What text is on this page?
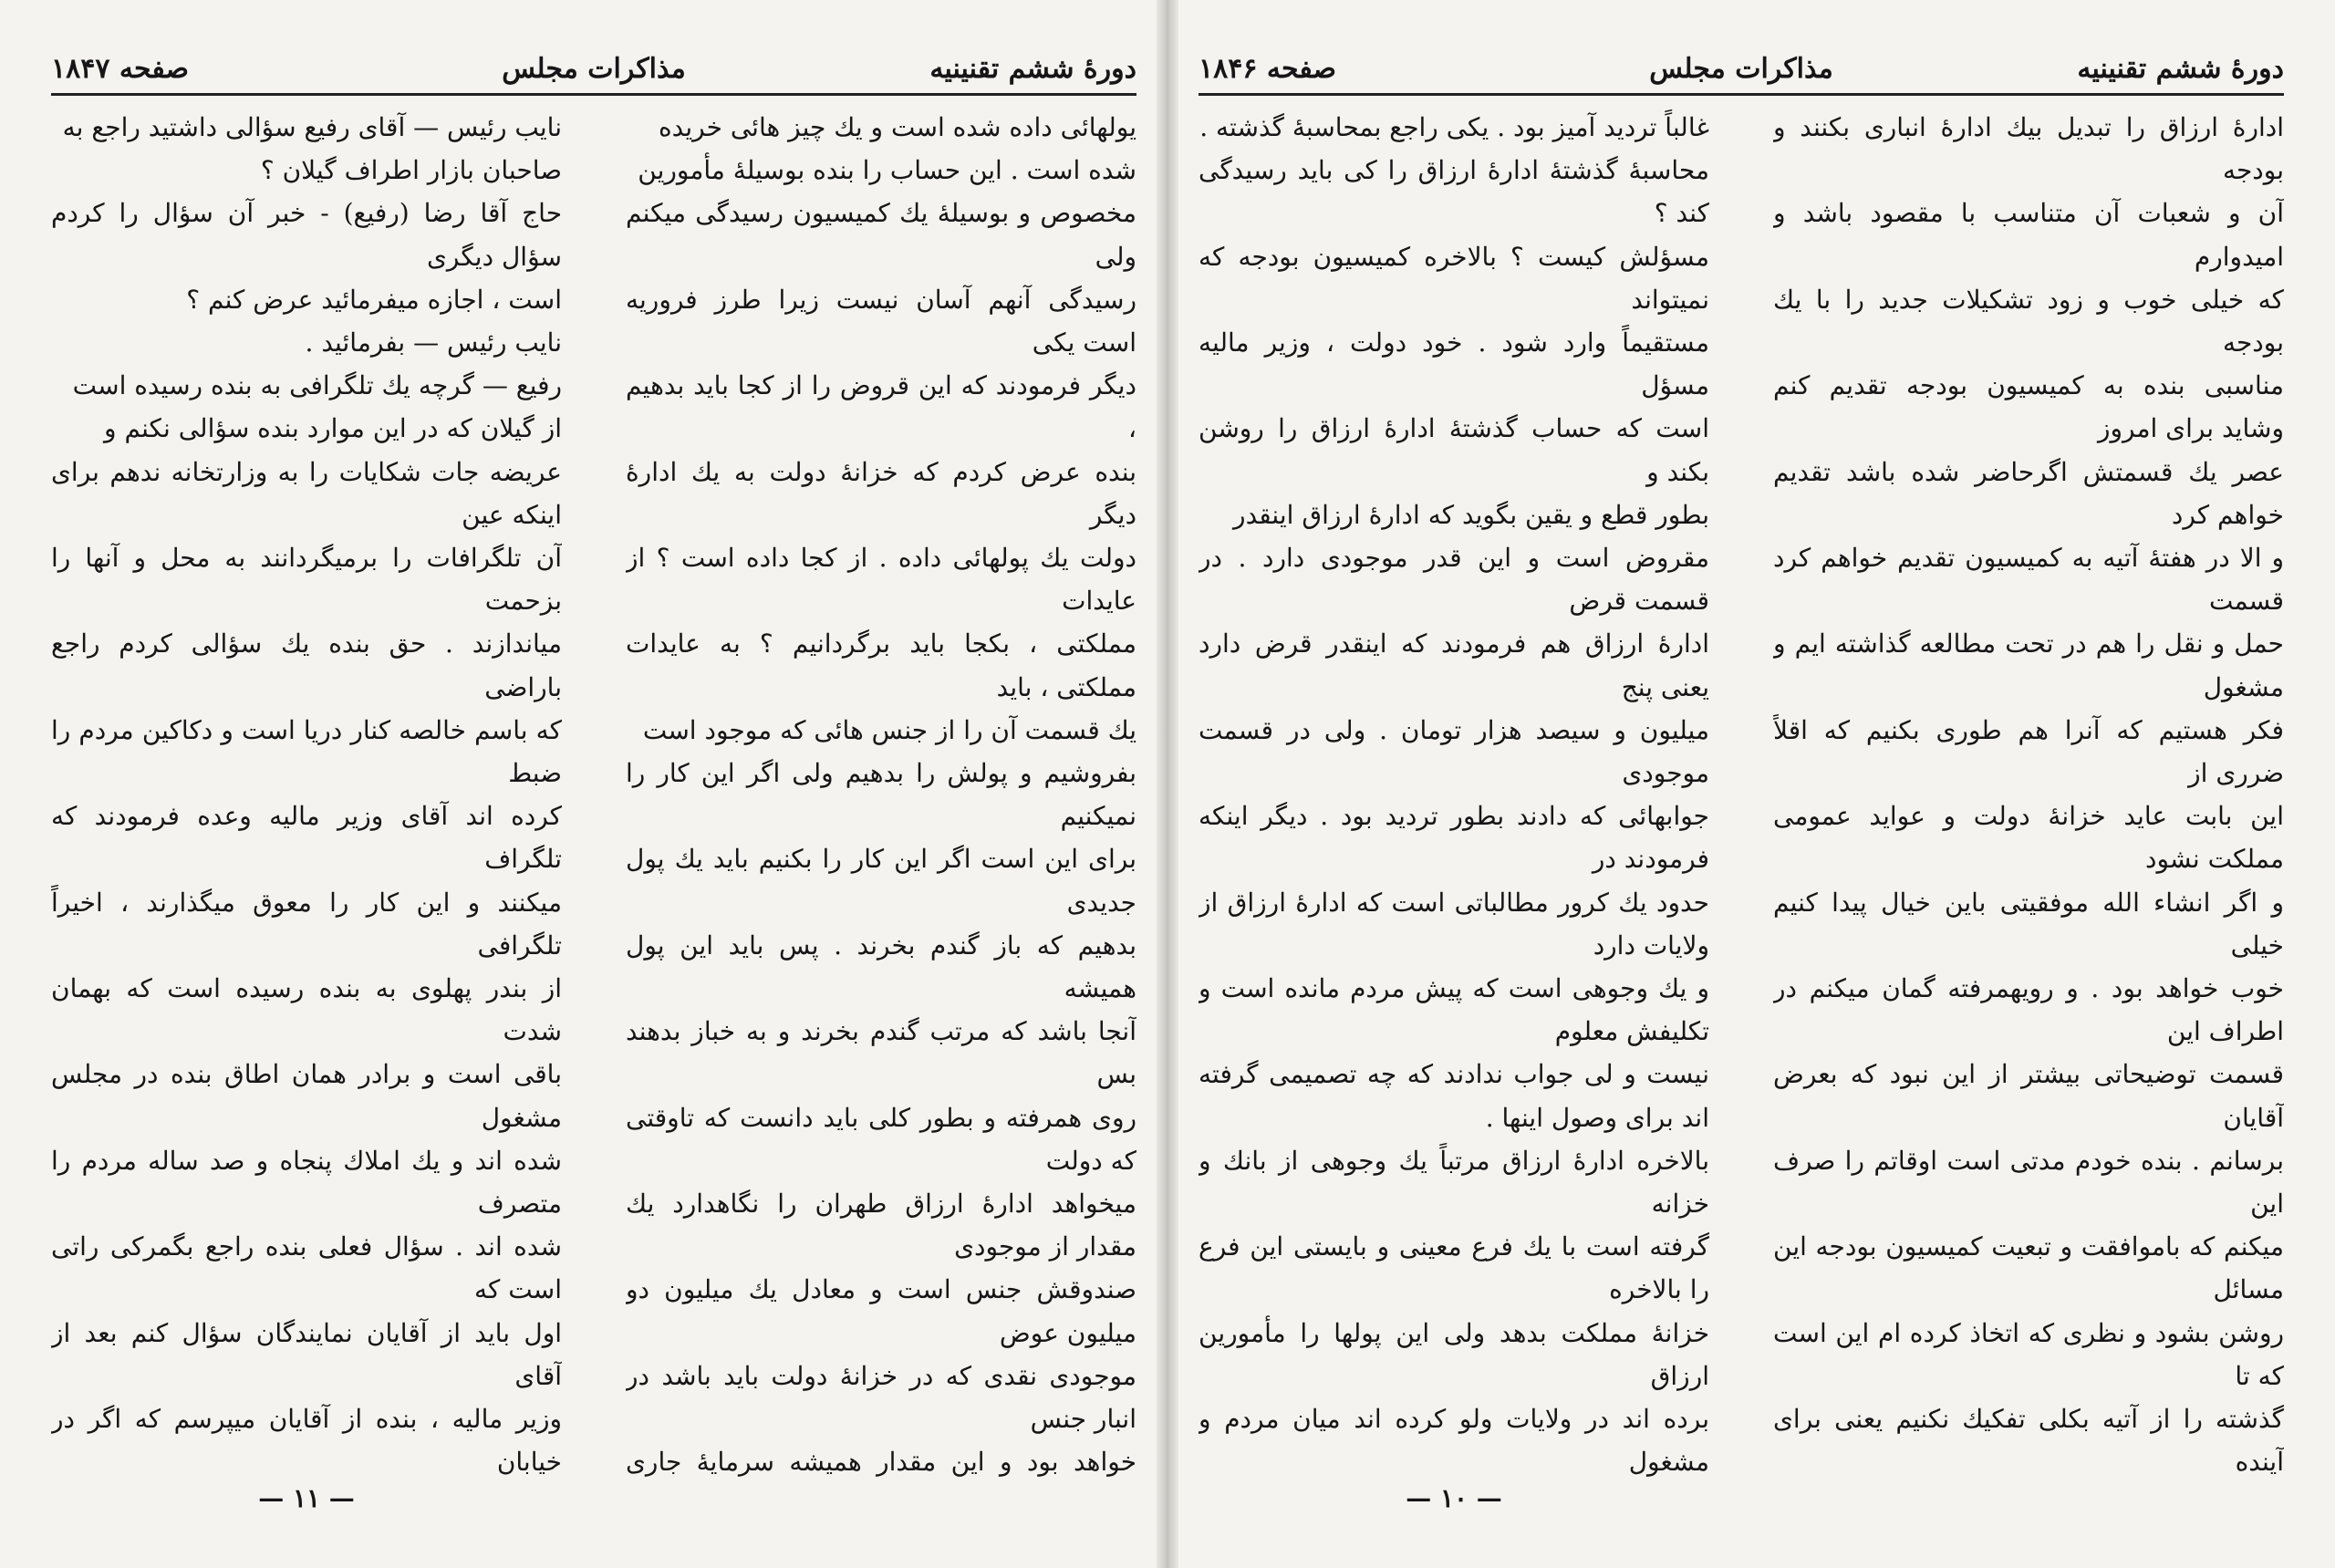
دورهٔ ششم تقنینیه
مذاکرات مجلس
صفحه ۱۸۴۷

یولهائی داده شده است و یك چیز هائی خریده

شده است . این حساب را بنده بوسیلهٔ مأمورین

مخصوص و بوسیلهٔ یك کمیسیون رسیدگی میکنم ولی

رسیدگی آنهم آسان نیست زیرا طرز فروریه است یکی

دیگر فرمودند که این قروض را از کجا باید بدهیم ،

بنده عرض کردم که خزانهٔ دولت به یك ادارهٔ دیگر

دولت یك پولهائی داده . از کجا داده است ؟ از عایدات

مملکتی ، بکجا باید برگردانیم ؟ به عایدات مملکتی ، باید

یك قسمت آن را از جنس هائی که موجود است

بفروشیم و پولش را بدهیم ولی اگر این کار را نمیکنیم

برای این است اگر این کار را بکنیم باید یك پول جدیدی

بدهیم که باز گندم بخرند . پس باید این پول همیشه

آنجا باشد که مرتب گندم بخرند و به خباز بدهند بس

روی همرفته و بطور کلی باید دانست که تاوقتی که دولت

میخواهد ادارهٔ ارزاق طهران را نگاهدارد یك مقدار از موجودی

صندوقش جنس است و معادل یك میلیون دو میلیون عوض

موجودی نقدی که در خزانهٔ دولت باید باشد در انبار جنس

خواهد بود و این مقدار همیشه سرمایهٔ جاری

نایب رئیس — آقای رفیع سؤالی داشتید راجع به

صاحبان بازار اطراف گیلان ؟

حاج آقا رضا (رفیع) - خبر آن سؤال را کردم سؤال دیگری

است ، اجازه میفرمائید عرض کنم ؟

نایب رئیس — بفرمائید .

رفیع — گرچه یك تلگرافی به بنده رسیده است

از گیلان که در این موارد بنده سؤالی نکنم و

عریضه جات شکایات را به وزارتخانه ندهم برای اینکه عین

آن تلگرافات را برمیگردانند به محل و آنها را بزحمت

میاندازند . حق بنده یك سؤالی کردم راجع باراضی

که باسم خالصه کنار دریا است و دکاکین مردم را ضبط

کرده اند آقای وزیر مالیه وعده فرمودند که تلگراف

میکنند و این کار را معوق میگذارند ، اخیراً تلگرافی

از بندر پهلوی به بنده رسیده است که بهمان شدت

باقی است و برادر همان اطاق بنده در مجلس مشغول

شده اند و یك املاك پنجاه و صد ساله مردم را متصرف

شده اند . سؤال فعلی بنده راجع بگمرکی راتی است که

اول باید از آقایان نمایندگان سؤال کنم بعد از آقای

وزیر مالیه ، بنده از آقایان میپرسم که اگر در خیابان

— ۱۱ —
دورهٔ ششم تقنینیه
مذاکرات مجلس
صفحه ۱۸۴۶

ادارهٔ ارزاق را تبدیل بیك ادارهٔ انباری بکنند و بودجه

آن و شعبات آن متناسب با مقصود باشد و امیدوارم

که خیلی خوب و زود تشکیلات جدید را با یك بودجه

مناسبی بنده به کمیسیون بودجه تقدیم کنم وشاید برای امروز

عصر یك قسمتش اگرحاضر شده باشد تقدیم خواهم کرد

و الا در هفتهٔ آتیه به کمیسیون تقدیم خواهم کرد قسمت

حمل و نقل را هم در تحت مطالعه گذاشته ایم و مشغول

فکر هستیم که آنرا هم طوری بکنیم که اقلاً ضرری از

این بابت عاید خزانهٔ دولت و عواید عمومی مملکت نشود

و اگر انشاء الله موفقیتی باین خیال پیدا کنیم خیلی

خوب خواهد بود . و رویهمرفته گمان میکنم در اطراف این

قسمت توضیحاتی بیشتر از این نبود که بعرض آقایان

برسانم . بنده خودم مدتی است اوقاتم را صرف این

میکنم که باموافقت و تبعیت کمیسیون بودجه این مسائل

روشن بشود و نظری که اتخاذ کرده ام این است که تا

گذشته را از آتیه بکلی تفکیك نکنیم یعنی برای آینده

غالباً تردید آمیز بود . یکی راجع بمحاسبهٔ گذشته .

محاسبهٔ گذشتهٔ ادارهٔ ارزاق را کی باید رسیدگی کند ؟

مسؤلش کیست ؟ بالاخره کمیسیون بودجه که نمیتواند

مستقیماً وارد شود . خود دولت ، وزیر مالیه مسؤل

است که حساب گذشتهٔ ادارهٔ ارزاق را روشن بکند و

بطور قطع و یقین بگوید که ادارهٔ ارزاق اینقدر

مقروض است و این قدر موجودی دارد . در قسمت قرض

ادارهٔ ارزاق هم فرمودند که اینقدر قرض دارد یعنی پنج

میلیون و سیصد هزار تومان . ولی در قسمت موجودی

جوابهائی که دادند بطور تردید بود . دیگر اینکه فرمودند در

حدود یك کرور مطالباتی است که ادارهٔ ارزاق از ولایات دارد

و یك وجوهی است که پیش مردم مانده است و تکلیفش معلوم

نیست و لی جواب ندادند که چه تصمیمی گرفته اند برای وصول اینها .

بالاخره ادارهٔ ارزاق مرتباً یك وجوهی از بانك و خزانه

گرفته است با یك فرع معینی و بایستی این فرع را بالاخره

خزانهٔ مملکت بدهد ولی این پولها را مأمورین ارزاق

برده اند در ولایات ولو کرده اند میان مردم و مشغول

— ۱۰ —
